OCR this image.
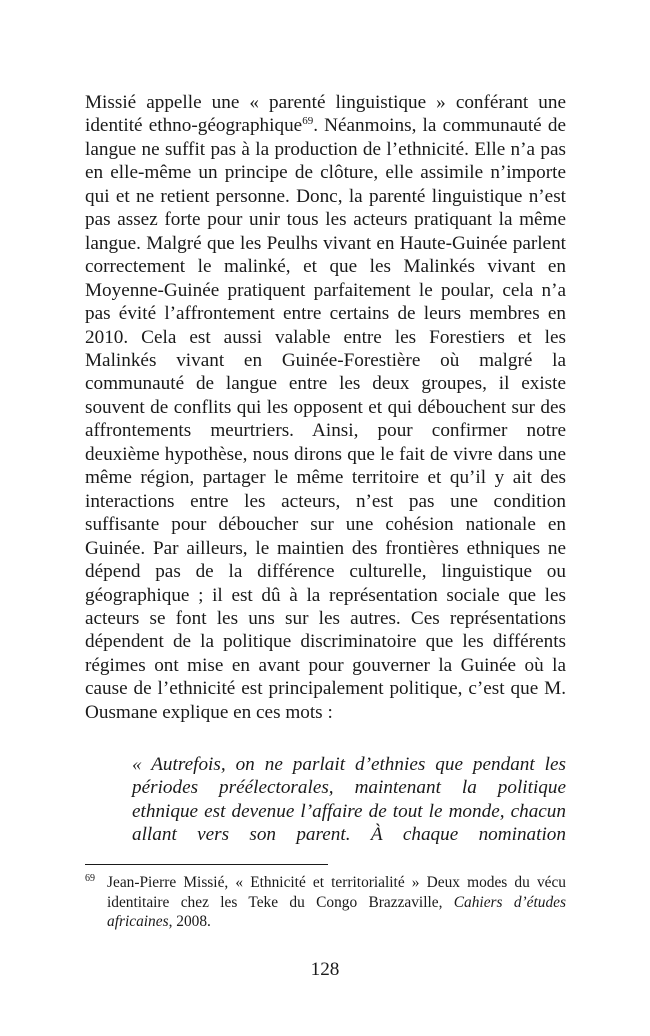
Missié appelle une « parenté linguistique » conférant une identité ethno-géographique$^{69}$. Néanmoins, la communauté de langue ne suffit pas à la production de l’ethnicité. Elle n’a pas en elle-même un principe de clôture, elle assimile n’importe qui et ne retient personne. Donc, la parenté linguistique n’est pas assez forte pour unir tous les acteurs pratiquant la même langue. Malgré que les Peulhs vivant en Haute-Guinée parlent correctement le malinké, et que les Malinkés vivant en Moyenne-Guinée pratiquent parfaitement le poular, cela n’a pas évité l’affrontement entre certains de leurs membres en 2010. Cela est aussi valable entre les Forestiers et les Malinkés vivant en Guinée-Forestière où malgré la communauté de langue entre les deux groupes, il existe souvent de conflits qui les opposent et qui débouchent sur des affrontements meurtriers. Ainsi, pour confirmer notre deuxième hypothèse, nous dirons que le fait de vivre dans une même région, partager le même territoire et qu’il y ait des interactions entre les acteurs, n’est pas une condition suffisante pour déboucher sur une cohésion nationale en Guinée. Par ailleurs, le maintien des frontières ethniques ne dépend pas de la différence culturelle, linguistique ou géographique ; il est dû à la représentation sociale que les acteurs se font les uns sur les autres. Ces représentations dépendent de la politique discriminatoire que les différents régimes ont mise en avant pour gouverner la Guinée où la cause de l’ethnicité est principalement politique, c’est que M. Ousmane explique en ces mots :

« Autrefois, on ne parlait d’ethnies que pendant les périodes préélectorales, maintenant la politique ethnique est devenue l’affaire de tout le monde, chacun allant vers son parent. À chaque nomination

$^{69}$ Jean-Pierre Missié, « Ethnicité et territorialité » Deux modes du vécu identitaire chez les Teke du Congo Brazzaville, Cahiers d’études africaines, 2008.

128
